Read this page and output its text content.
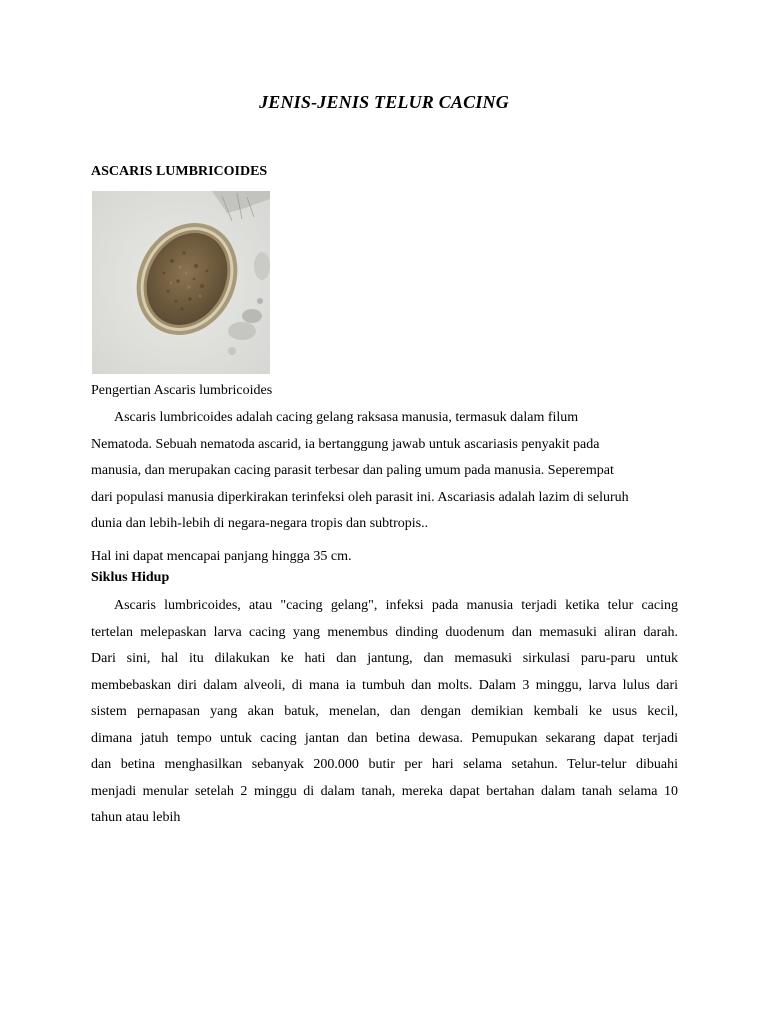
JENIS-JENIS TELUR CACING
ASCARIS LUMBRICOIDES
Pengertian Ascaris lumbricoides
Ascaris lumbricoides adalah cacing gelang raksasa manusia, termasuk dalam filum
Nematoda. Sebuah nematoda ascarid, ia bertanggung jawab untuk ascariasis penyakit pada
manusia, dan merupakan cacing parasit terbesar dan paling umum pada manusia. Seperempat
dari populasi manusia diperkirakan terinfeksi oleh parasit ini. Ascariasis adalah lazim di seluruh
dunia dan lebih-lebih di negara-negara tropis dan subtropis..
Hal ini dapat mencapai panjang hingga 35 cm.
Siklus Hidup
Ascaris lumbricoides, atau "cacing gelang", infeksi pada manusia terjadi ketika telur cacing
tertelan melepaskan larva cacing yang menembus dinding duodenum dan memasuki aliran darah.
Dari sini, hal itu dilakukan ke hati dan jantung, dan memasuki sirkulasi paru-paru untuk
membebaskan diri dalam alveoli, di mana ia tumbuh dan molts. Dalam 3 minggu, larva lulus dari
sistem pernapasan yang akan batuk, menelan, dan dengan demikian kembali ke usus kecil,
dimana jatuh tempo untuk cacing jantan dan betina dewasa. Pemupukan sekarang dapat terjadi
dan betina menghasilkan sebanyak 200.000 butir per hari selama setahun. Telur-telur dibuahi
menjadi menular setelah 2 minggu di dalam tanah, mereka dapat bertahan dalam tanah selama 10
tahun atau lebih
